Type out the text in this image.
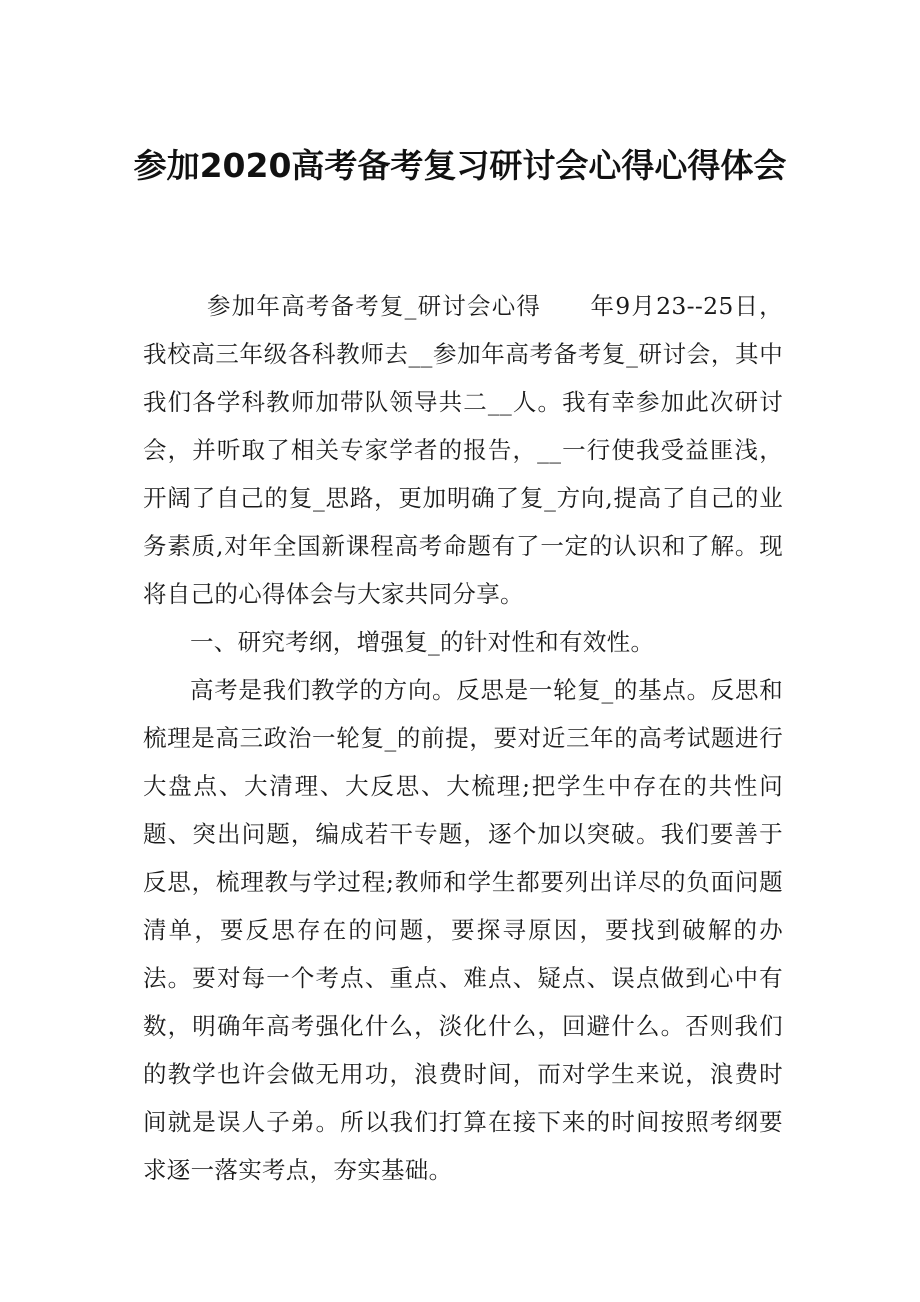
参加2020高考备考复习研讨会心得心得体会

参加年高考备考复_研讨会心得　　年9月23--25日，我校高三年级各科教师去__参加年高考备考复_研讨会，其中我们各学科教师加带队领导共二__人。我有幸参加此次研讨会，并听取了相关专家学者的报告，__一行使我受益匪浅，开阔了自己的复_思路，更加明确了复_方向,提高了自己的业务素质,对年全国新课程高考命题有了一定的认识和了解。现将自己的心得体会与大家共同分享。

一、研究考纲，增强复_的针对性和有效性。

高考是我们教学的方向。反思是一轮复_的基点。反思和梳理是高三政治一轮复_的前提，要对近三年的高考试题进行大盘点、大清理、大反思、大梳理;把学生中存在的共性问题、突出问题，编成若干专题，逐个加以突破。我们要善于反思，梳理教与学过程;教师和学生都要列出详尽的负面问题清单，要反思存在的问题，要探寻原因，要找到破解的办法。要对每一个考点、重点、难点、疑点、误点做到心中有数，明确年高考强化什么，淡化什么，回避什么。否则我们的教学也许会做无用功，浪费时间，而对学生来说，浪费时间就是误人子弟。所以我们打算在接下来的时间按照考纲要求逐一落实考点，夯实基础。
